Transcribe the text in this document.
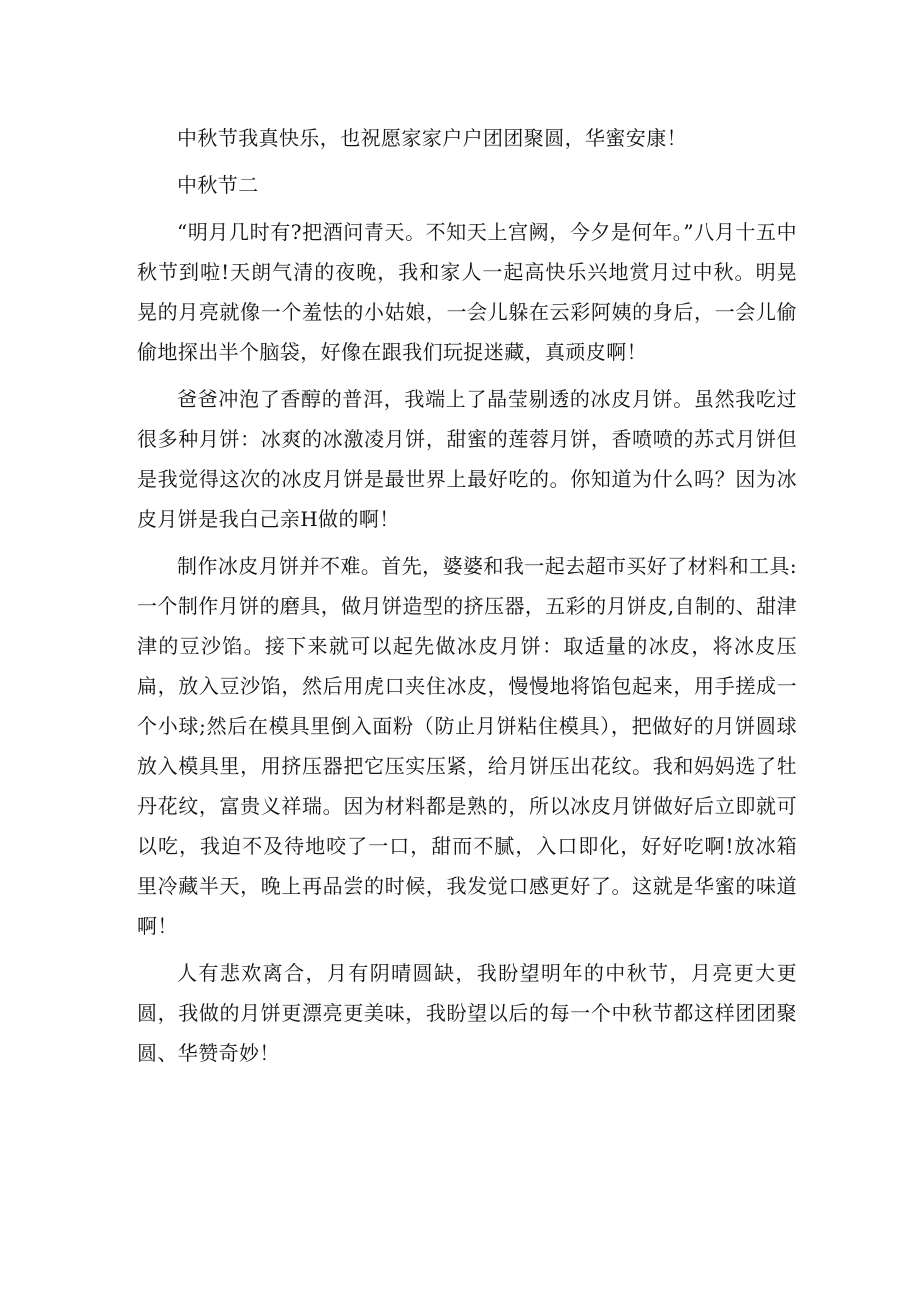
中秋节我真快乐，也祝愿家家户户团团聚圆，华蜜安康！

中秋节二

“明月几时有?把酒问青天。不知天上宫阙，今夕是何年。”八月十五中秋节到啦!天朗气清的夜晚，我和家人一起高快乐兴地赏月过中秋。明晃晃的月亮就像一个羞怯的小姑娘，一会儿躲在云彩阿姨的身后，一会儿偷偷地探出半个脑袋，好像在跟我们玩捉迷藏，真顽皮啊！

爸爸冲泡了香醇的普洱，我端上了晶莹剔透的冰皮月饼。虽然我吃过很多种月饼：冰爽的冰激凌月饼，甜蜜的莲蓉月饼，香喷喷的苏式月饼但是我觉得这次的冰皮月饼是最世界上最好吃的。你知道为什么吗？因为冰皮月饼是我白己亲H做的啊！

制作冰皮月饼并不难。首先，婆婆和我一起去超市买好了材料和工具:一个制作月饼的磨具，做月饼造型的挤压器，五彩的月饼皮,自制的、甜津津的豆沙馅。接下来就可以起先做冰皮月饼：取适量的冰皮，将冰皮压扁，放入豆沙馅，然后用虎口夹住冰皮，慢慢地将馅包起来，用手搓成一个小球;然后在模具里倒入面粉（防止月饼粘住模具），把做好的月饼圆球放入模具里，用挤压器把它压实压紧，给月饼压出花纹。我和妈妈选了牡丹花纹，富贵义祥瑞。因为材料都是熟的，所以冰皮月饼做好后立即就可以吃，我迫不及待地咬了一口，甜而不腻，入口即化，好好吃啊!放冰箱里冷藏半天，晚上再品尝的时候，我发觉口感更好了。这就是华蜜的味道啊！

人有悲欢离合，月有阴晴圆缺，我盼望明年的中秋节，月亮更大更圆，我做的月饼更漂亮更美味，我盼望以后的每一个中秋节都这样团团聚圆、华赞奇妙！
